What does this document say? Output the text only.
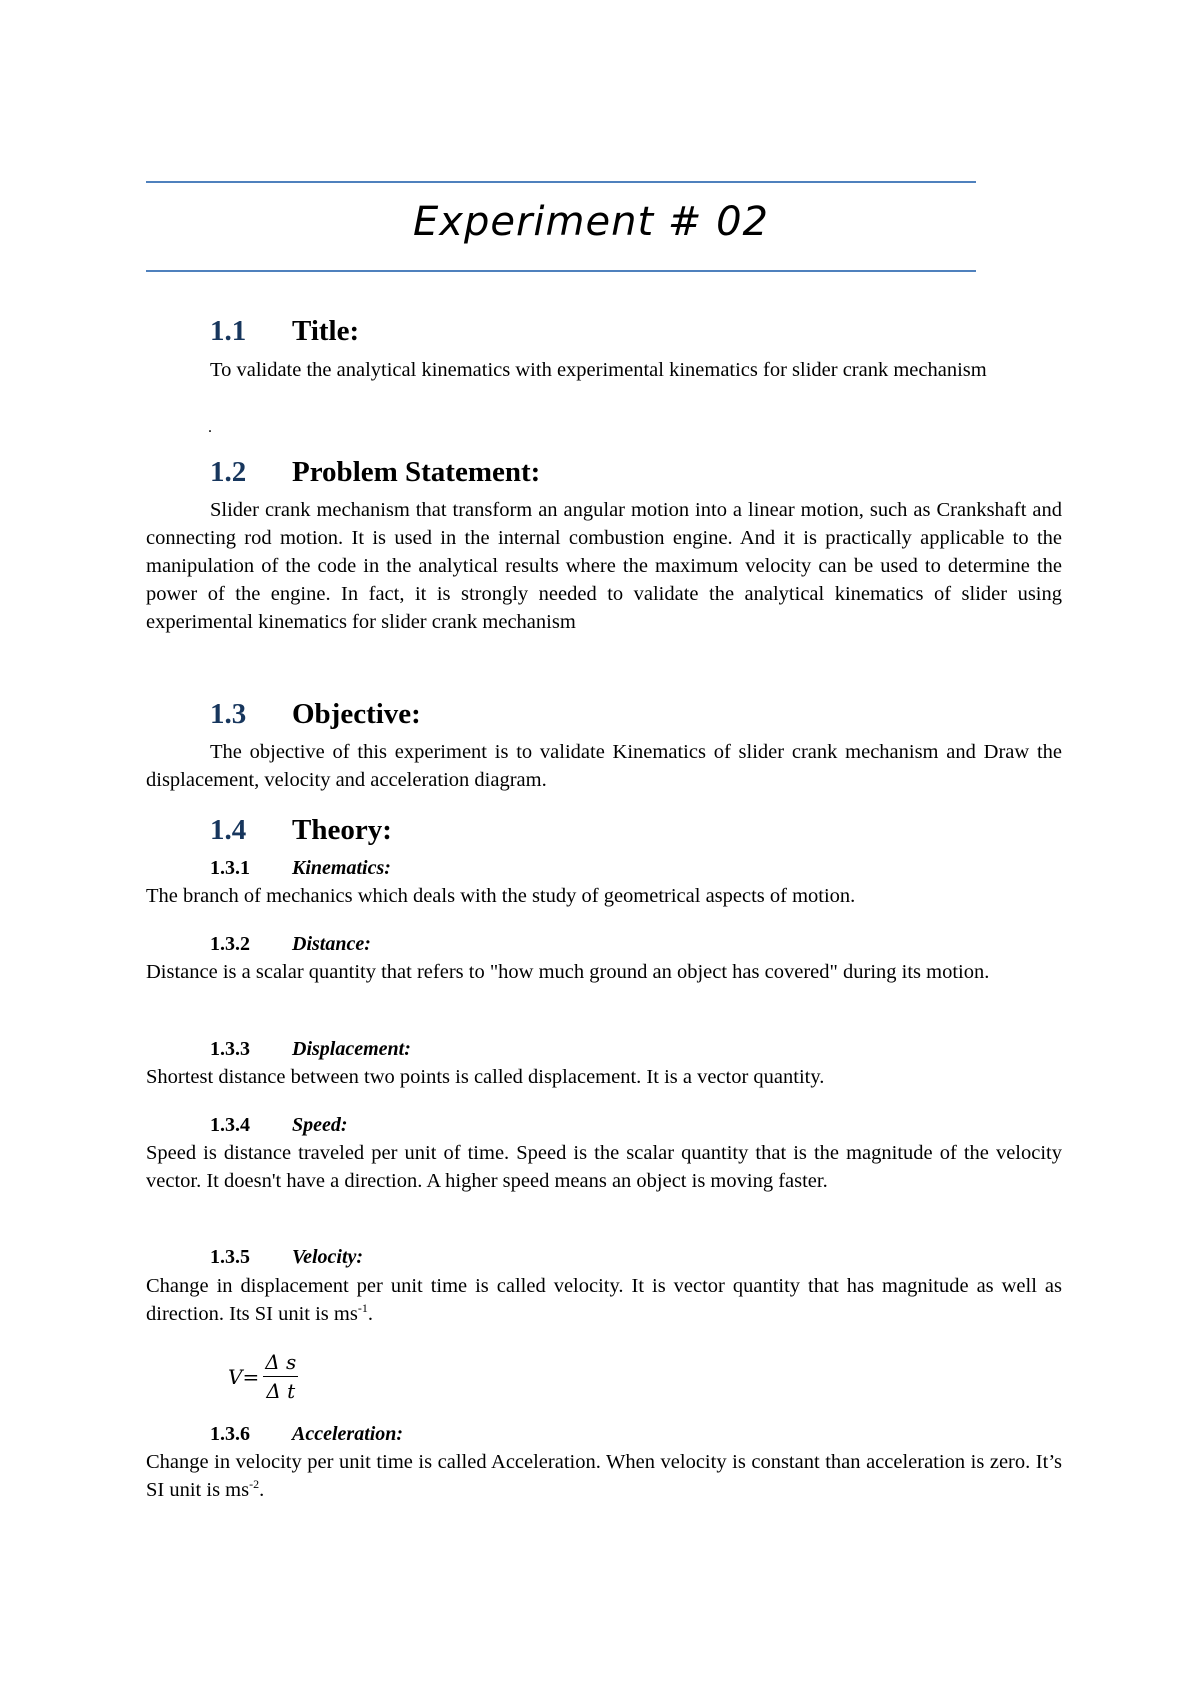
Experiment # 02
1.1 Title:
To validate the analytical kinematics with experimental kinematics for slider crank mechanism
.
1.2 Problem Statement:
Slider crank mechanism that transform an angular motion into a linear motion, such as Crankshaft and connecting rod motion. It is used in the internal combustion engine. And it is practically applicable to the manipulation of the code in the analytical results where the maximum velocity can be used to determine the power of the engine. In fact, it is strongly needed to validate the analytical kinematics of slider using experimental kinematics for slider crank mechanism
1.3 Objective:
The objective of this experiment is to validate Kinematics of slider crank mechanism and Draw the displacement, velocity and acceleration diagram.
1.4 Theory:
1.3.1 Kinematics:
The branch of mechanics which deals with the study of geometrical aspects of motion.
1.3.2 Distance:
Distance is a scalar quantity that refers to "how much ground an object has covered" during its motion.
1.3.3 Displacement:
Shortest distance between two points is called displacement. It is a vector quantity.
1.3.4 Speed:
Speed is distance traveled per unit of time. Speed is the scalar quantity that is the magnitude of the velocity vector. It doesn't have a direction. A higher speed means an object is moving faster.
1.3.5 Velocity:
Change in displacement per unit time is called velocity. It is vector quantity that has magnitude as well as direction. Its SI unit is $ms^{-1}$.
$V= \frac{\text{Δ s}}{\text{Δ t}}$
1.3.6 Acceleration:
Change in velocity per unit time is called Acceleration. When velocity is constant than acceleration is zero. It’s SI unit is $ms^{-2}$.
